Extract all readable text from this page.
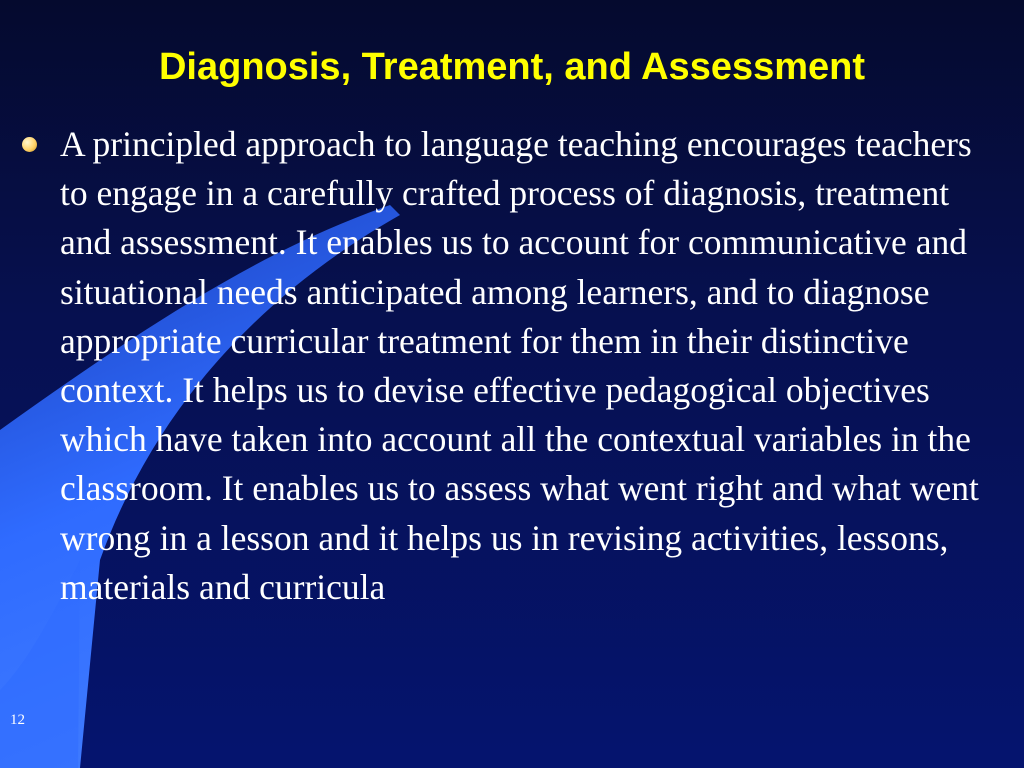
Diagnosis, Treatment, and Assessment

A principled approach to language teaching encourages teachers to engage in a carefully crafted process of diagnosis, treatment and assessment. It enables us to account for communicative and situational needs anticipated among learners, and to diagnose appropriate curricular treatment for them in their distinctive context. It helps us to devise effective pedagogical objectives which have taken into account all the contextual variables in the classroom. It enables us to assess what went right and what went wrong in a lesson and it helps us in revising activities, lessons, materials and curricula

12
